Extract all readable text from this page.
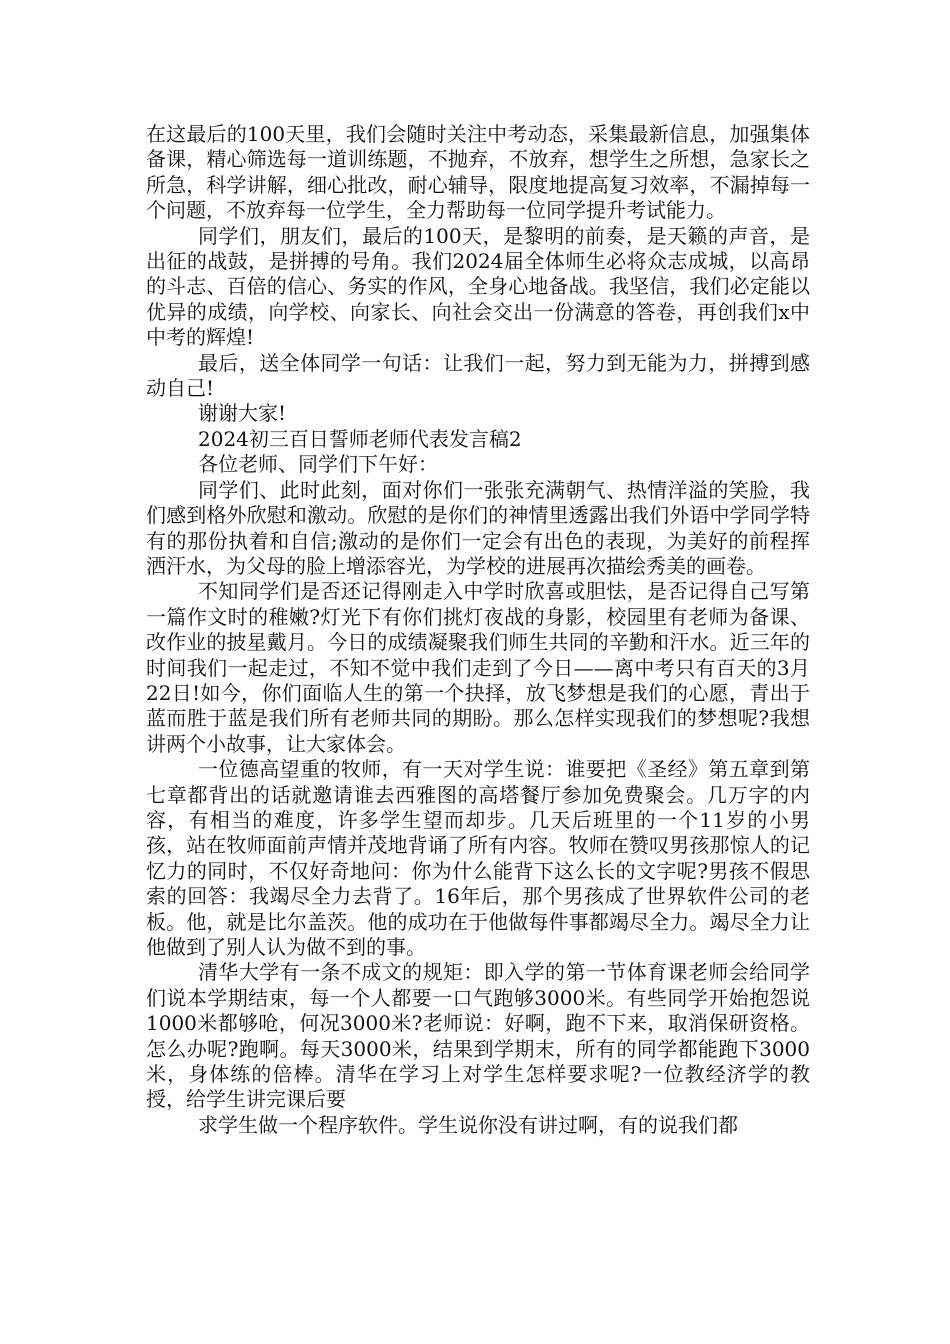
在这最后的100天里，我们会随时关注中考动态，采集最新信息，加强集体备课，精心筛选每一道训练题，不抛弃，不放弃，想学生之所想，急家长之所急，科学讲解，细心批改，耐心辅导，限度地提高复习效率，不漏掉每一个问题，不放弃每一位学生，全力帮助每一位同学提升考试能力。

同学们，朋友们，最后的100天，是黎明的前奏，是天籁的声音，是出征的战鼓，是拼搏的号角。我们2024届全体师生必将众志成城，以高昂的斗志、百倍的信心、务实的作风，全身心地备战。我坚信，我们必定能以优异的成绩，向学校、向家长、向社会交出一份满意的答卷，再创我们x中中考的辉煌!

最后，送全体同学一句话：让我们一起，努力到无能为力，拼搏到感动自己!

谢谢大家!

2024初三百日誓师老师代表发言稿2

各位老师、同学们下午好：

同学们、此时此刻，面对你们一张张充满朝气、热情洋溢的笑脸，我们感到格外欣慰和激动。欣慰的是你们的神情里透露出我们外语中学同学特有的那份执着和自信;激动的是你们一定会有出色的表现，为美好的前程挥洒汗水，为父母的脸上增添容光，为学校的进展再次描绘秀美的画卷。

不知同学们是否还记得刚走入中学时欣喜或胆怯，是否记得自己写第一篇作文时的稚嫩?灯光下有你们挑灯夜战的身影，校园里有老师为备课、改作业的披星戴月。今日的成绩凝聚我们师生共同的辛勤和汗水。近三年的时间我们一起走过，不知不觉中我们走到了今日——离中考只有百天的3月22日!如今，你们面临人生的第一个抉择，放飞梦想是我们的心愿，青出于蓝而胜于蓝是我们所有老师共同的期盼。那么怎样实现我们的梦想呢?我想讲两个小故事，让大家体会。

一位德高望重的牧师，有一天对学生说：谁要把《圣经》第五章到第七章都背出的话就邀请谁去西雅图的高塔餐厅参加免费聚会。几万字的内容，有相当的难度，许多学生望而却步。几天后班里的一个11岁的小男孩，站在牧师面前声情并茂地背诵了所有内容。牧师在赞叹男孩那惊人的记忆力的同时，不仅好奇地问：你为什么能背下这么长的文字呢?男孩不假思索的回答：我竭尽全力去背了。16年后，那个男孩成了世界软件公司的老板。他，就是比尔盖茨。他的成功在于他做每件事都竭尽全力。竭尽全力让他做到了别人认为做不到的事。

清华大学有一条不成文的规矩：即入学的第一节体育课老师会给同学们说本学期结束，每一个人都要一口气跑够3000米。有些同学开始抱怨说1000米都够呛，何况3000米?老师说：好啊，跑不下来，取消保研资格。怎么办呢?跑啊。每天3000米，结果到学期末，所有的同学都能跑下3000米，身体练的倍棒。清华在学习上对学生怎样要求呢?一位教经济学的教授，给学生讲完课后要

求学生做一个程序软件。学生说你没有讲过啊，有的说我们都
